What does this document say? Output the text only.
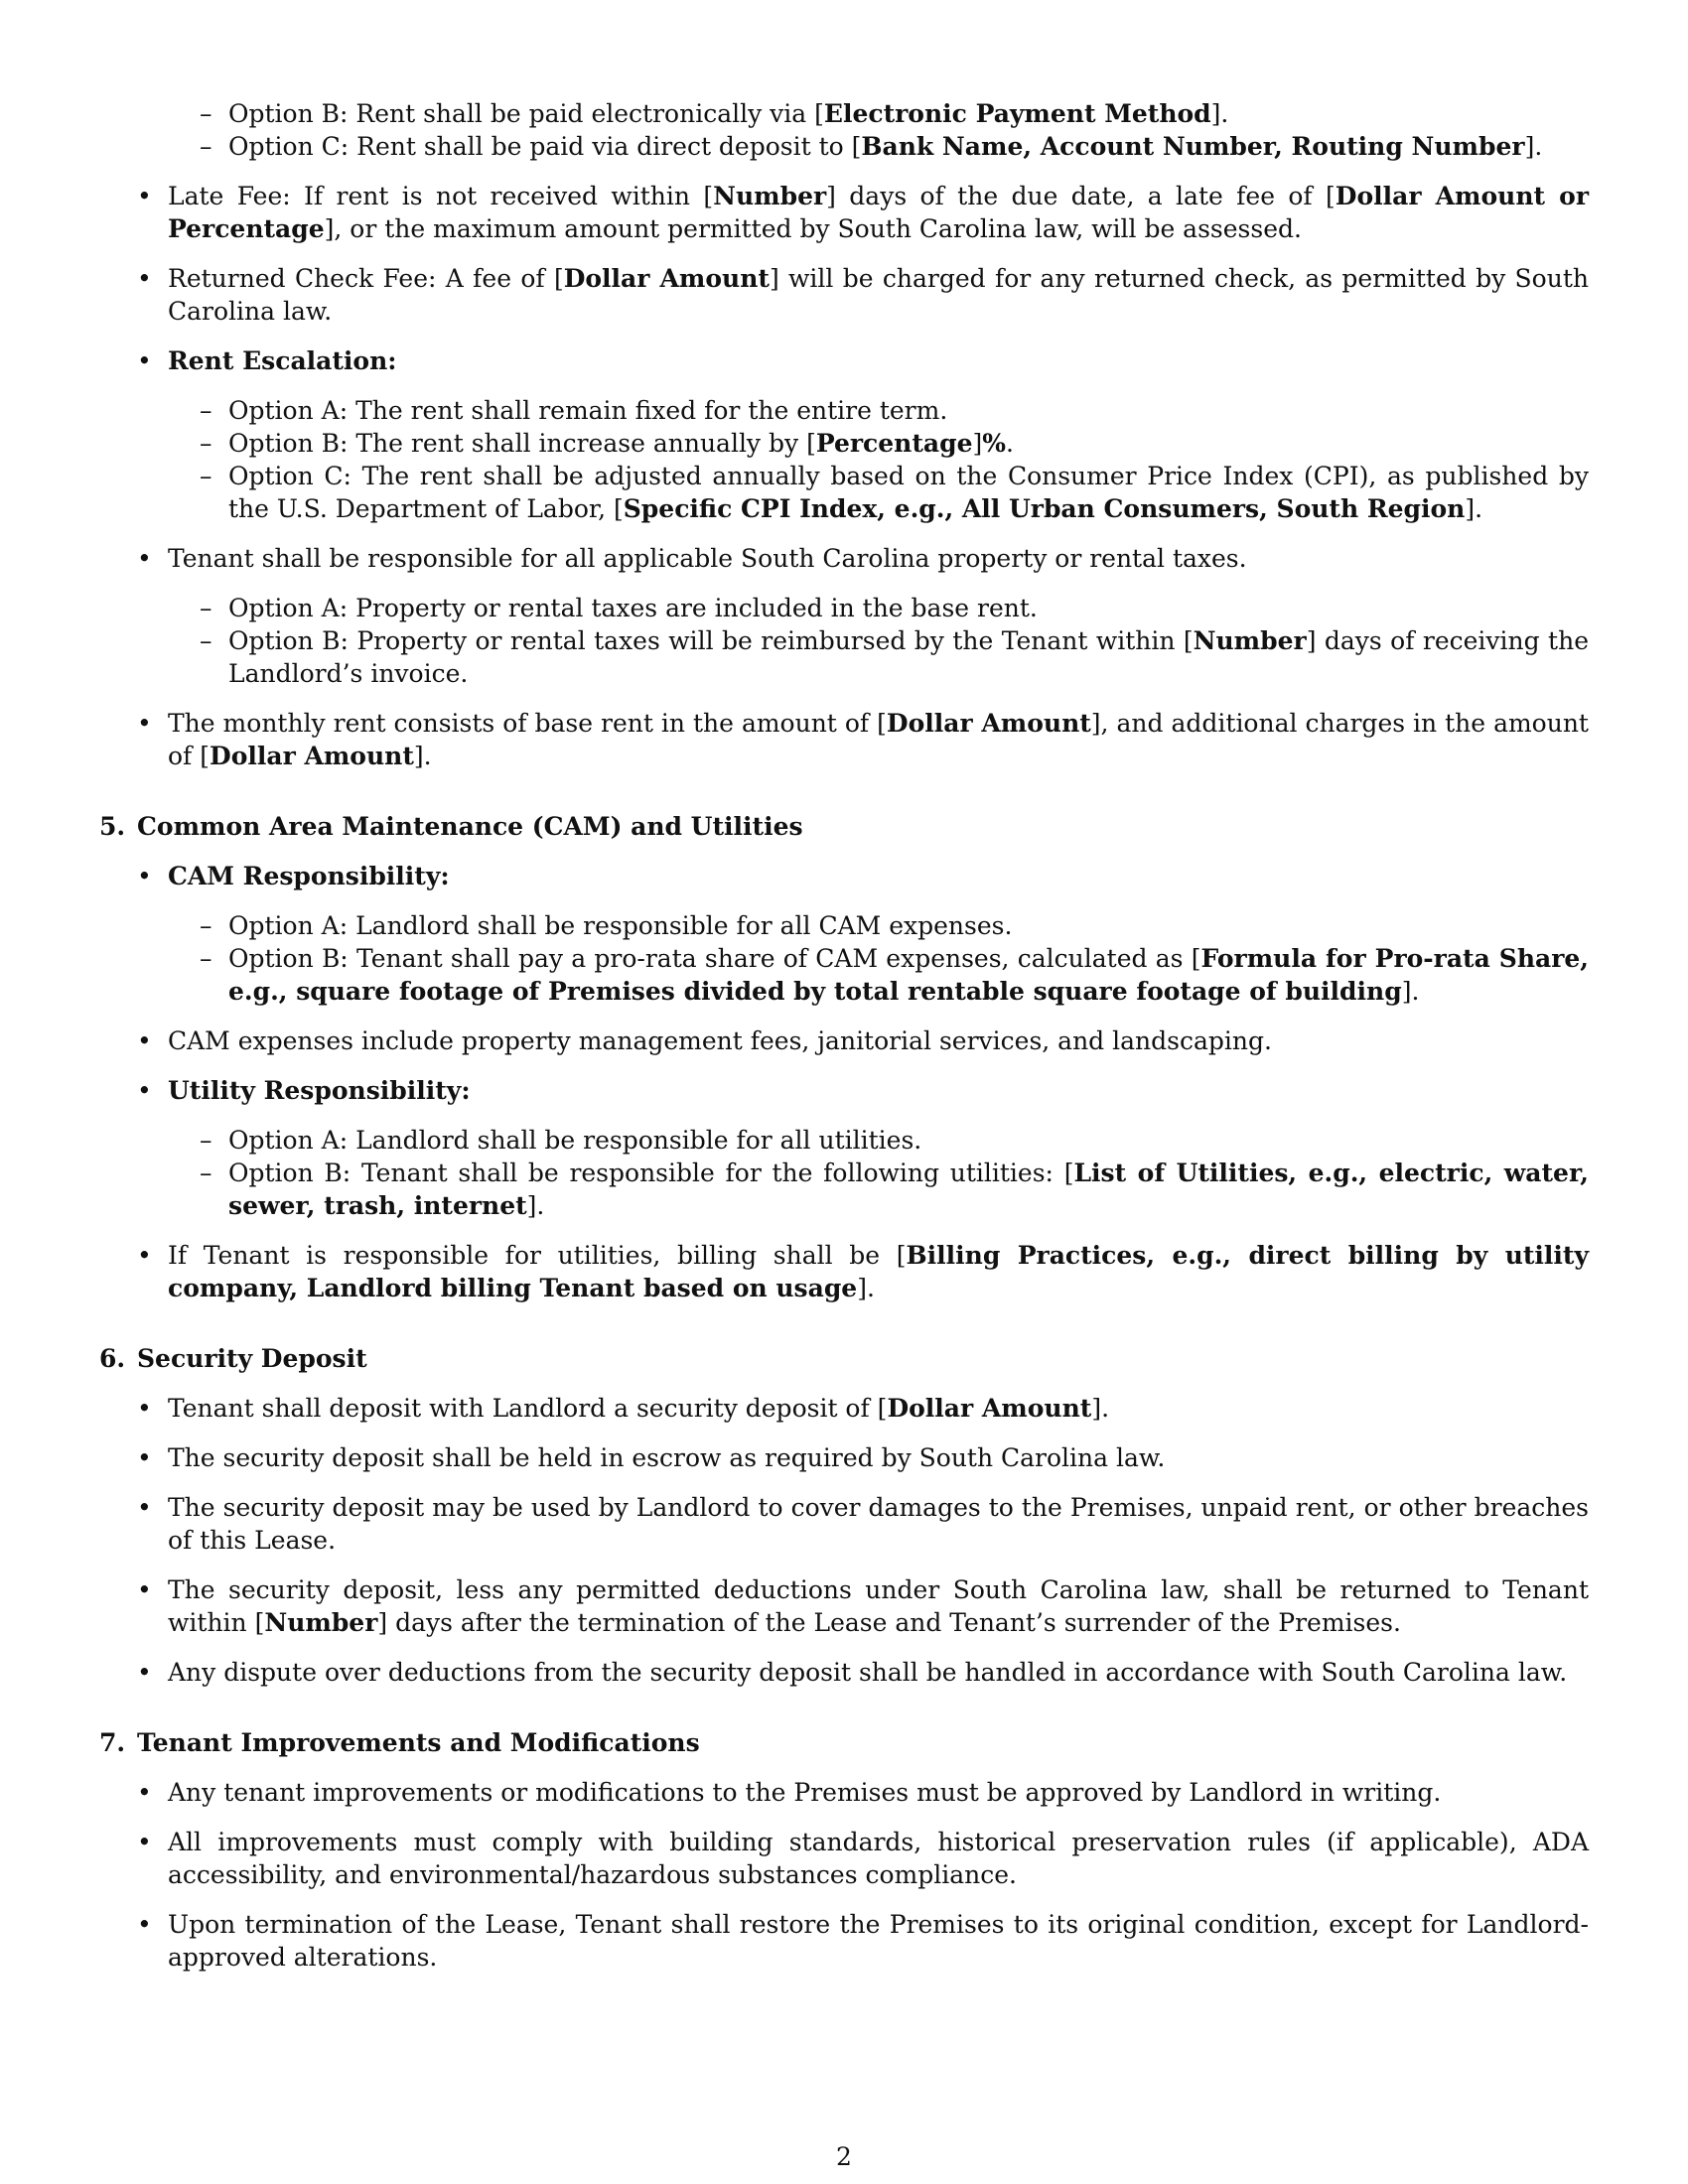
– Option B: Rent shall be paid electronically via [Electronic Payment Method].
– Option C: Rent shall be paid via direct deposit to [Bank Name, Account Number, Routing Number].
• Late Fee: If rent is not received within [Number] days of the due date, a late fee of [Dollar Amount or Percentage], or the maximum amount permitted by South Carolina law, will be assessed.
• Returned Check Fee: A fee of [Dollar Amount] will be charged for any returned check, as permitted by South Carolina law.
• Rent Escalation:
– Option A: The rent shall remain fixed for the entire term.
– Option B: The rent shall increase annually by [Percentage]%.
– Option C: The rent shall be adjusted annually based on the Consumer Price Index (CPI), as published by the U.S. Department of Labor, [Specific CPI Index, e.g., All Urban Consumers, South Region].
• Tenant shall be responsible for all applicable South Carolina property or rental taxes.
– Option A: Property or rental taxes are included in the base rent.
– Option B: Property or rental taxes will be reimbursed by the Tenant within [Number] days of receiving the Landlord’s invoice.
• The monthly rent consists of base rent in the amount of [Dollar Amount], and additional charges in the amount of [Dollar Amount].
5. Common Area Maintenance (CAM) and Utilities
• CAM Responsibility:
– Option A: Landlord shall be responsible for all CAM expenses.
– Option B: Tenant shall pay a pro-rata share of CAM expenses, calculated as [Formula for Pro-rata Share, e.g., square footage of Premises divided by total rentable square footage of building].
• CAM expenses include property management fees, janitorial services, and landscaping.
• Utility Responsibility:
– Option A: Landlord shall be responsible for all utilities.
– Option B: Tenant shall be responsible for the following utilities: [List of Utilities, e.g., electric, water, sewer, trash, internet].
• If Tenant is responsible for utilities, billing shall be [Billing Practices, e.g., direct billing by utility company, Landlord billing Tenant based on usage].
6. Security Deposit
• Tenant shall deposit with Landlord a security deposit of [Dollar Amount].
• The security deposit shall be held in escrow as required by South Carolina law.
• The security deposit may be used by Landlord to cover damages to the Premises, unpaid rent, or other breaches of this Lease.
• The security deposit, less any permitted deductions under South Carolina law, shall be returned to Tenant within [Number] days after the termination of the Lease and Tenant’s surrender of the Premises.
• Any dispute over deductions from the security deposit shall be handled in accordance with South Carolina law.
7. Tenant Improvements and Modifications
• Any tenant improvements or modifications to the Premises must be approved by Landlord in writing.
• All improvements must comply with building standards, historical preservation rules (if applicable), ADA accessibility, and environmental/hazardous substances compliance.
• Upon termination of the Lease, Tenant shall restore the Premises to its original condition, except for Landlord-approved alterations.
2
